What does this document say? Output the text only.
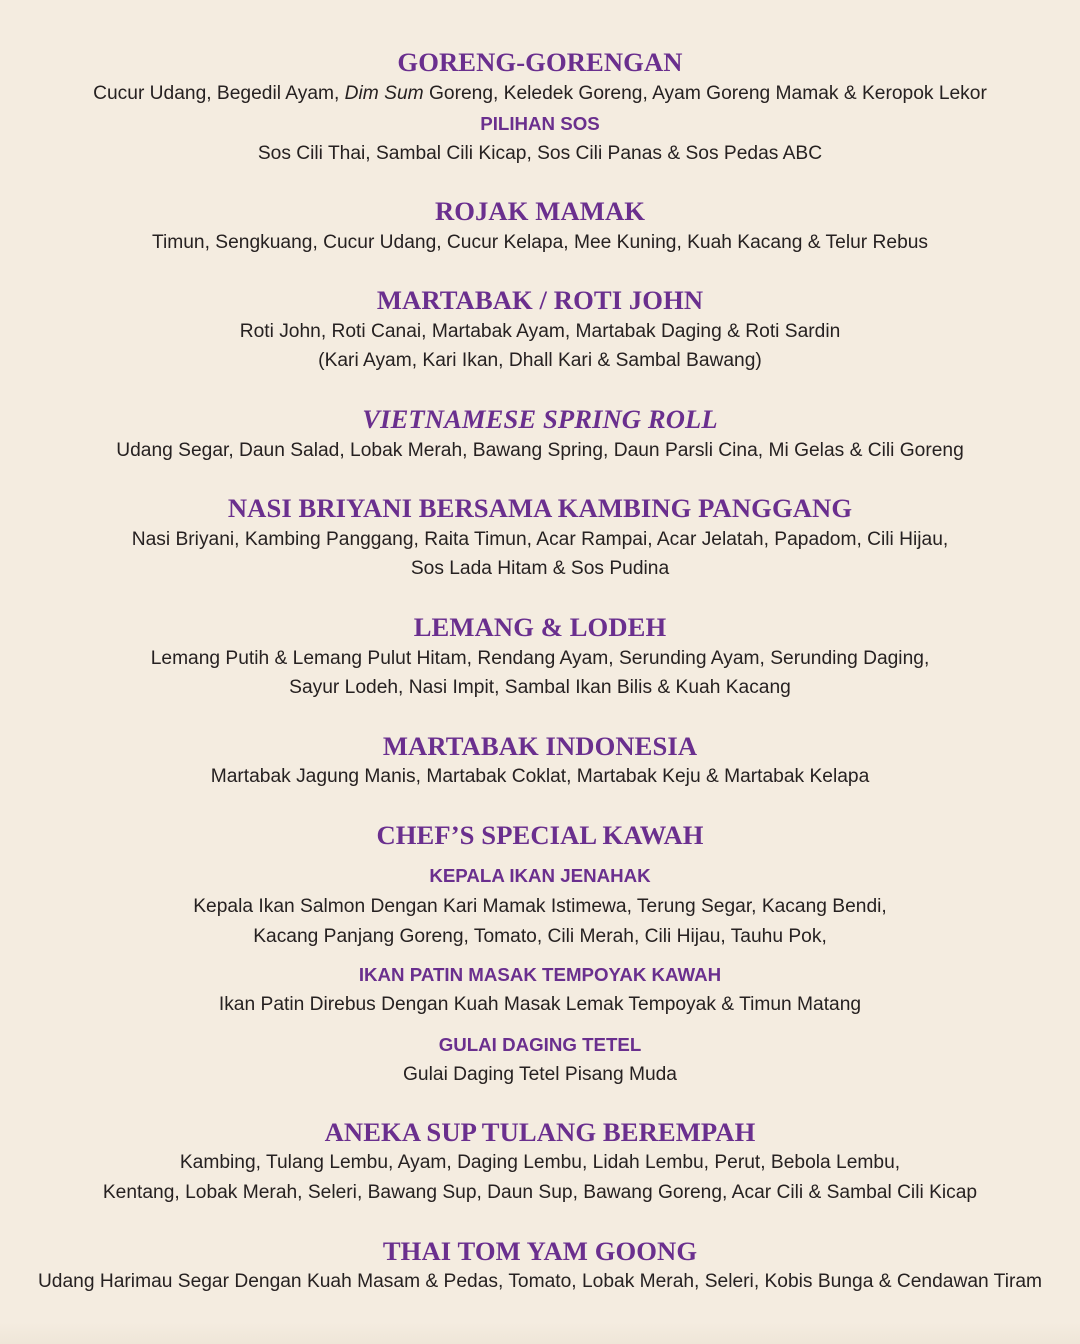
GORENG-GORENGAN
Cucur Udang, Begedil Ayam, Dim Sum Goreng, Keledek Goreng, Ayam Goreng Mamak & Keropok Lekor
PILIHAN SOS
Sos Cili Thai, Sambal Cili Kicap, Sos Cili Panas & Sos Pedas ABC
ROJAK MAMAK
Timun, Sengkuang, Cucur Udang, Cucur Kelapa, Mee Kuning, Kuah Kacang & Telur Rebus
MARTABAK / ROTI JOHN
Roti John, Roti Canai, Martabak Ayam, Martabak Daging & Roti Sardin
(Kari Ayam, Kari Ikan, Dhall Kari & Sambal Bawang)
VIETNAMESE SPRING ROLL
Udang Segar, Daun Salad, Lobak Merah, Bawang Spring, Daun Parsli Cina, Mi Gelas & Cili Goreng
NASI BRIYANI BERSAMA KAMBING PANGGANG
Nasi Briyani, Kambing Panggang, Raita Timun, Acar Rampai, Acar Jelatah, Papadom, Cili Hijau,
Sos Lada Hitam & Sos Pudina
LEMANG & LODEH
Lemang Putih & Lemang Pulut Hitam, Rendang Ayam, Serunding Ayam, Serunding Daging,
Sayur Lodeh, Nasi Impit, Sambal Ikan Bilis & Kuah Kacang
MARTABAK INDONESIA
Martabak Jagung Manis, Martabak Coklat, Martabak Keju & Martabak Kelapa
CHEF’S SPECIAL KAWAH
KEPALA IKAN JENAHAK
Kepala Ikan Salmon Dengan Kari Mamak Istimewa, Terung Segar, Kacang Bendi,
Kacang Panjang Goreng, Tomato, Cili Merah, Cili Hijau, Tauhu Pok,
IKAN PATIN MASAK TEMPOYAK KAWAH
Ikan Patin Direbus Dengan Kuah Masak Lemak Tempoyak & Timun Matang
GULAI DAGING TETEL
Gulai Daging Tetel Pisang Muda
ANEKA SUP TULANG BEREMPAH
Kambing, Tulang Lembu, Ayam, Daging Lembu, Lidah Lembu, Perut, Bebola Lembu,
Kentang, Lobak Merah, Seleri, Bawang Sup, Daun Sup, Bawang Goreng, Acar Cili & Sambal Cili Kicap
THAI TOM YAM GOONG
Udang Harimau Segar Dengan Kuah Masam & Pedas, Tomato, Lobak Merah, Seleri, Kobis Bunga & Cendawan Tiram
